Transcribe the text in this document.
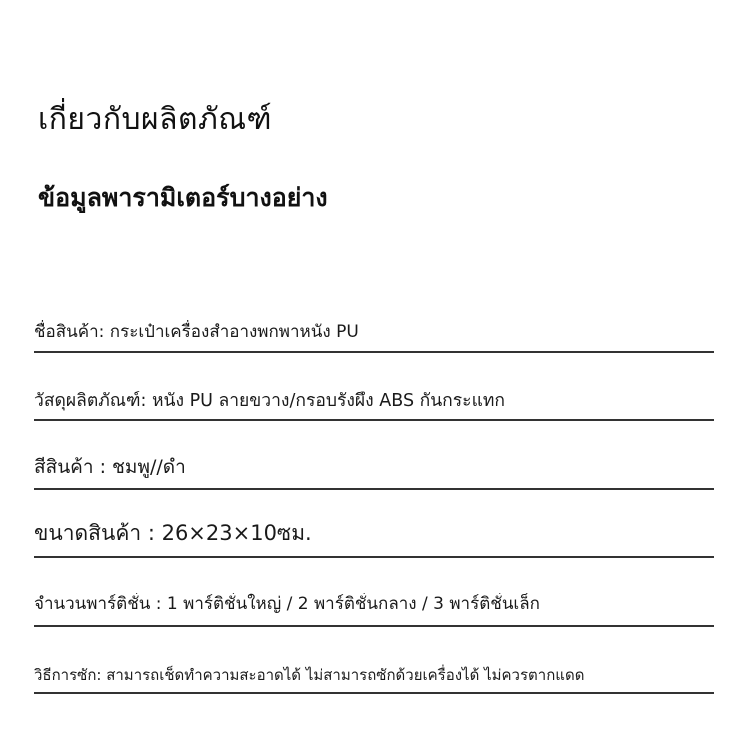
เกี่ยวกับผลิตภัณฑ์
ข้อมูลพารามิเตอร์บางอย่าง
ชื่อสินค้า: กระเป๋าเครื่องสำอางพกพาหนัง PU
วัสดุผลิตภัณฑ์: หนัง PU ลายขวาง/กรอบรังผึ้ง ABS กันกระแทก
สีสินค้า : ชมพู//ดำ
ขนาดสินค้า : 26×23×10ซม.
จำนวนพาร์ติชั่น : 1 พาร์ติชั่นใหญ่ / 2 พาร์ติชั่นกลาง / 3 พาร์ติชั่นเล็ก
วิธีการซัก: สามารถเช็ดทำความสะอาดได้ ไม่สามารถซักด้วยเครื่องได้ ไม่ควรตากแดด
